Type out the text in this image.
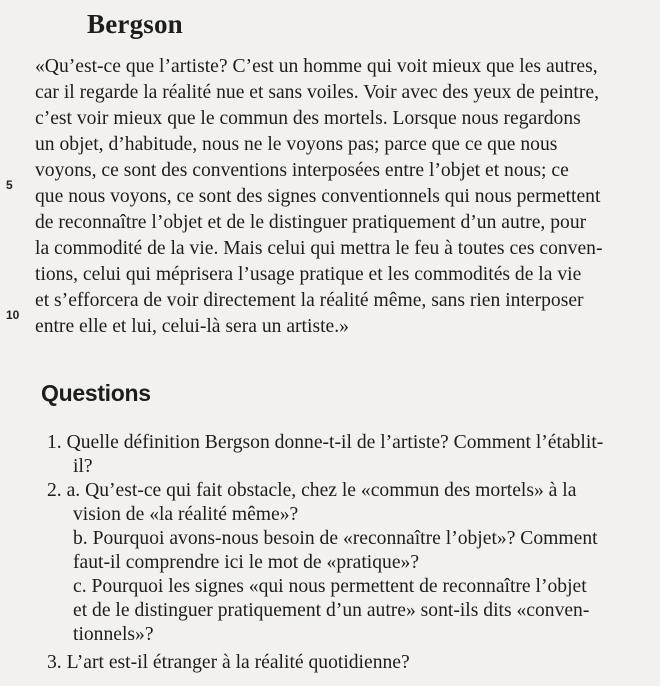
Bergson
«Qu’est-ce que l’artiste? C’est un homme qui voit mieux que les autres,
car il regarde la réalité nue et sans voiles. Voir avec des yeux de peintre,
c’est voir mieux que le commun des mortels. Lorsque nous regardons
un objet, d’habitude, nous ne le voyons pas; parce que ce que nous
voyons, ce sont des conventions interposées entre l’objet et nous; ce
que nous voyons, ce sont des signes conventionnels qui nous permettent
de reconnaître l’objet et de le distinguer pratiquement d’un autre, pour
la commodité de la vie. Mais celui qui mettra le feu à toutes ces conven-
tions, celui qui méprisera l’usage pratique et les commodités de la vie
et s’efforcera de voir directement la réalité même, sans rien interposer
entre elle et lui, celui-là sera un artiste.»
5
10
Questions
1. Quelle définition Bergson donne-t-il de l’artiste? Comment l’établit-
il?
2. a. Qu’est-ce qui fait obstacle, chez le «commun des mortels» à la
vision de «la réalité même»?
b. Pourquoi avons-nous besoin de «reconnaître l’objet»? Comment
faut-il comprendre ici le mot de «pratique»?
c. Pourquoi les signes «qui nous permettent de reconnaître l’objet
et de le distinguer pratiquement d’un autre» sont-ils dits «conven-
tionnels»?
3. L’art est-il étranger à la réalité quotidienne?
